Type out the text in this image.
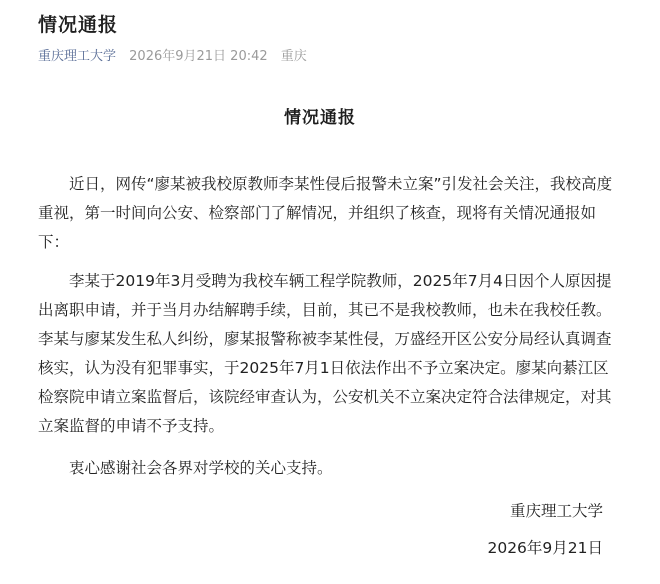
情况通报
重庆理工大学 2026年9月21日 20:42 重庆
情况通报

近日，网传“廖某被我校原教师李某性侵后报警未立案”引发社会关注，我校高度重视，第一时间向公安、检察部门了解情况，并组织了核查，现将有关情况通报如下：

李某于2019年3月受聘为我校车辆工程学院教师，2025年7月4日因个人原因提出离职申请，并于当月办结解聘手续，目前，其已不是我校教师，也未在我校任教。李某与廖某发生私人纠纷，廖某报警称被李某性侵，万盛经开区公安分局经认真调查核实，认为没有犯罪事实，于2025年7月1日依法作出不予立案决定。廖某向綦江区检察院申请立案监督后，该院经审查认为，公安机关不立案决定符合法律规定，对其立案监督的申请不予支持。

衷心感谢社会各界对学校的关心支持。

重庆理工大学
2026年9月21日
